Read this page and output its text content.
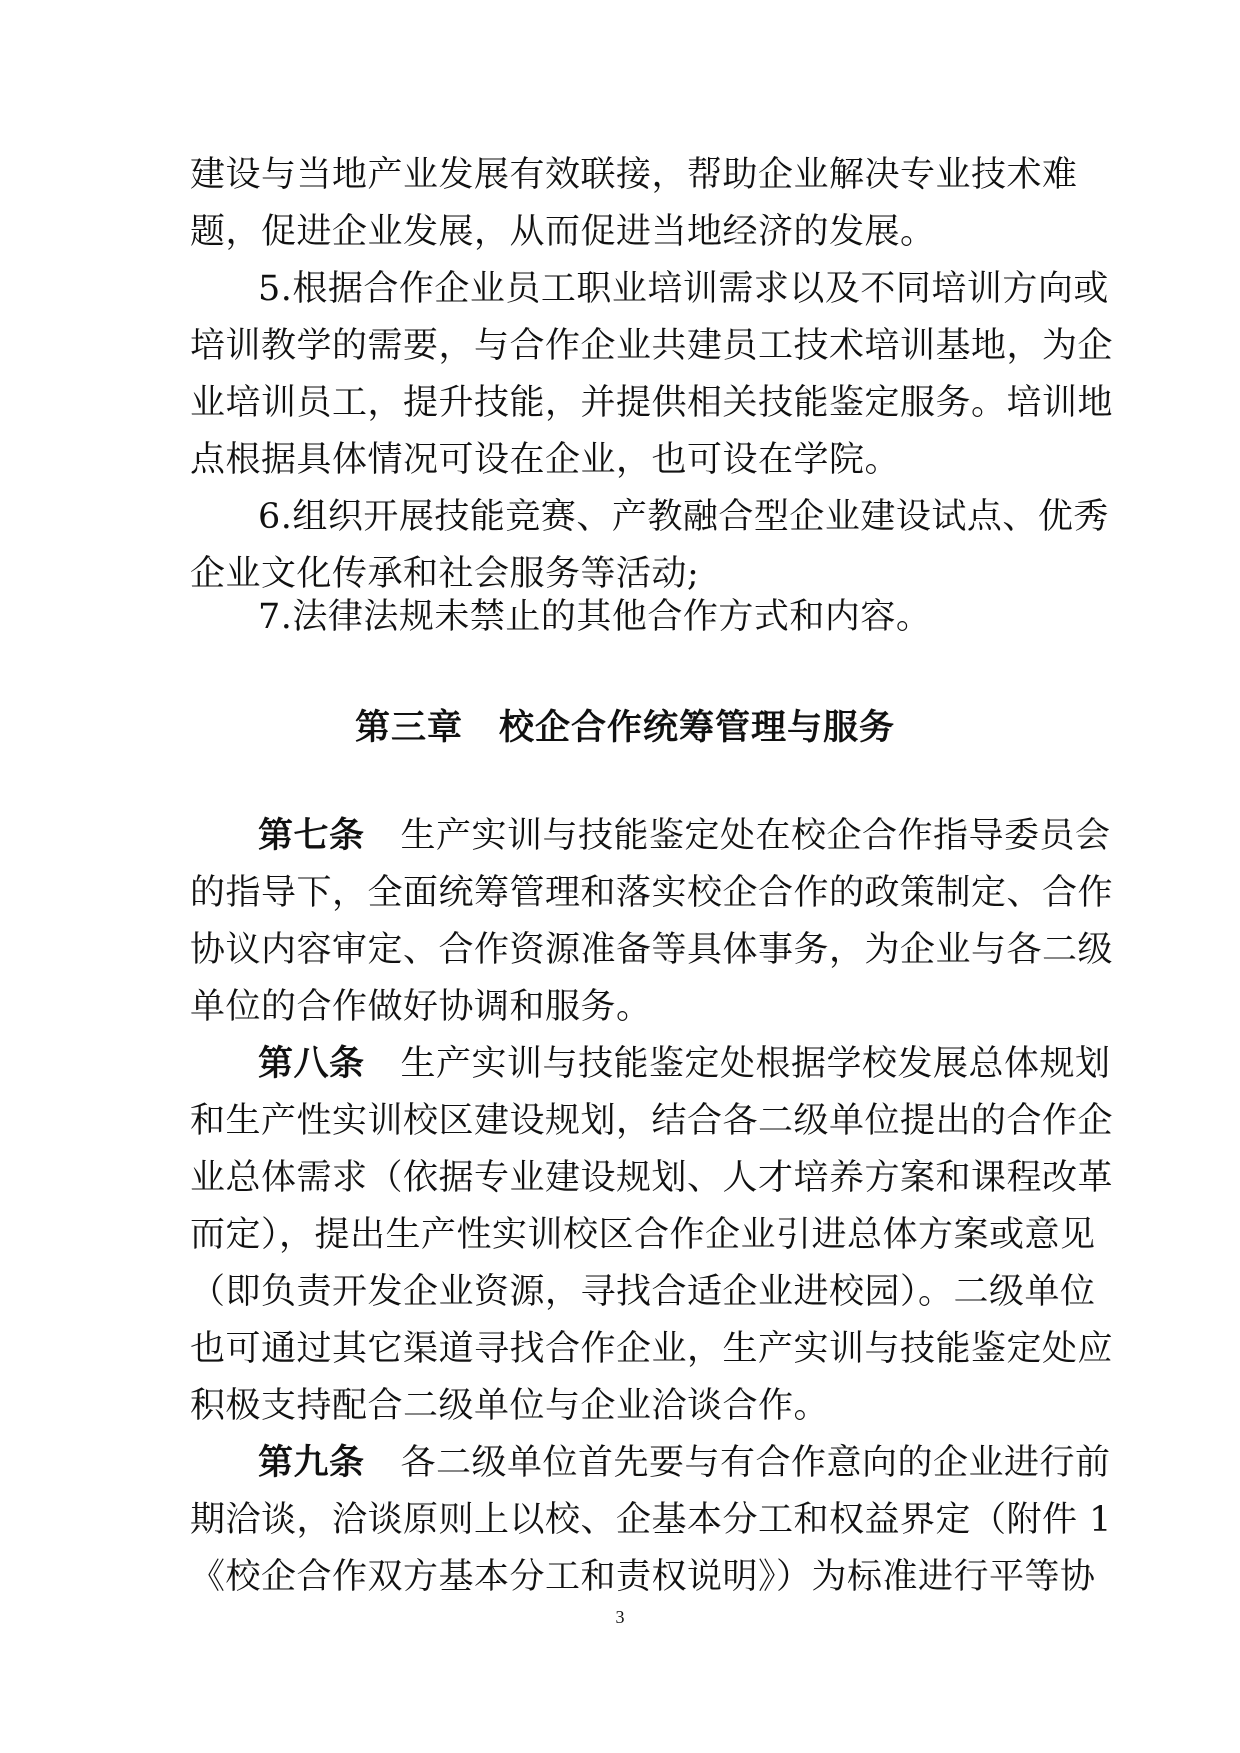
建设与当地产业发展有效联接，帮助企业解决专业技术难
题，促进企业发展，从而促进当地经济的发展。
5.根据合作企业员工职业培训需求以及不同培训方向或
培训教学的需要，与合作企业共建员工技术培训基地，为企
业培训员工，提升技能，并提供相关技能鉴定服务。培训地
点根据具体情况可设在企业，也可设在学院。
6.组织开展技能竞赛、产教融合型企业建设试点、优秀
企业文化传承和社会服务等活动;
7.法律法规未禁止的其他合作方式和内容。
第三章　校企合作统筹管理与服务
第七条 生产实训与技能鉴定处在校企合作指导委员会
的指导下，全面统筹管理和落实校企合作的政策制定、合作
协议内容审定、合作资源准备等具体事务，为企业与各二级
单位的合作做好协调和服务。
第八条 生产实训与技能鉴定处根据学校发展总体规划
和生产性实训校区建设规划，结合各二级单位提出的合作企
业总体需求（依据专业建设规划、人才培养方案和课程改革
而定），提出生产性实训校区合作企业引进总体方案或意见
（即负责开发企业资源，寻找合适企业进校园）。二级单位
也可通过其它渠道寻找合作企业，生产实训与技能鉴定处应
积极支持配合二级单位与企业洽谈合作。
第九条 各二级单位首先要与有合作意向的企业进行前
期洽谈，洽谈原则上以校、企基本分工和权益界定（附件 1
《校企合作双方基本分工和责权说明》）为标准进行平等协
3
